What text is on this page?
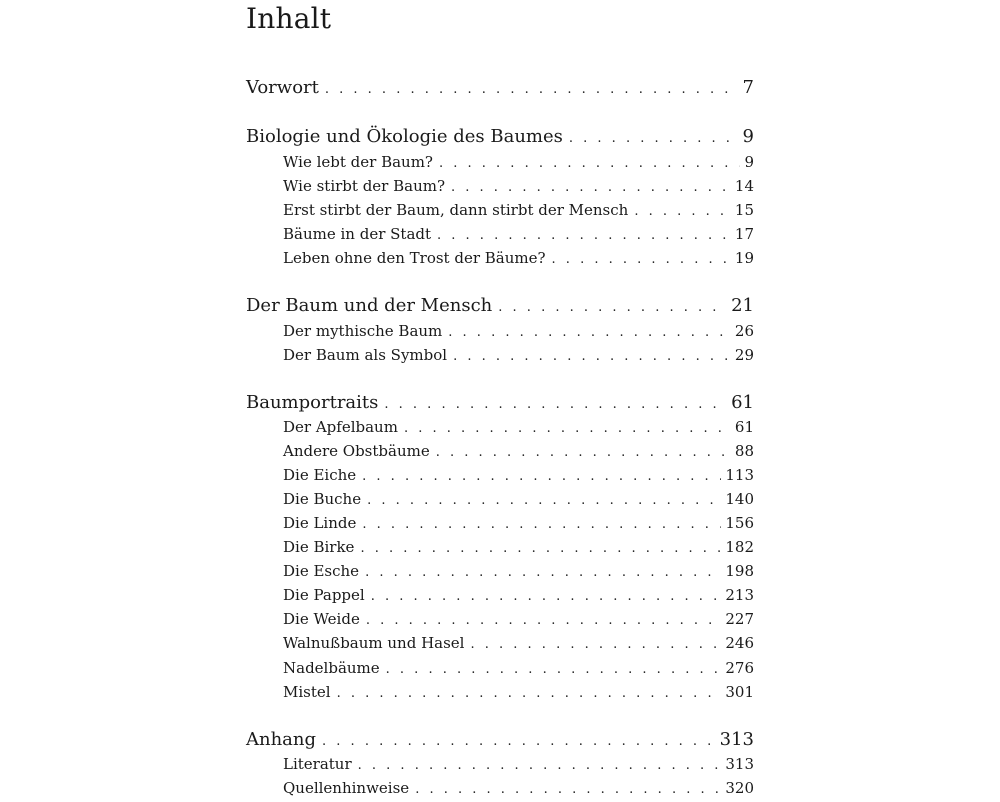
Inhalt
Vorwort . . .	7
Biologie und Ökologie des Baumes . . .	9
Wie lebt der Baum? . . .	9
Wie stirbt der Baum? . . .	14
Erst stirbt der Baum, dann stirbt der Mensch . . .	15
Bäume in der Stadt . . .	17
Leben ohne den Trost der Bäume? . . .	19
Der Baum und der Mensch . . .	21
Der mythische Baum . . .	26
Der Baum als Symbol . . .	29
Baumportraits . . .	61
Der Apfelbaum . . .	61
Andere Obstbäume . . .	88
Die Eiche . . .	113
Die Buche . . .	140
Die Linde . . .	156
Die Birke . . .	182
Die Esche . . .	198
Die Pappel . . .	213
Die Weide . . .	227
Walnußbaum und Hasel . . .	246
Nadelbäume . . .	276
Mistel . . .	301
Anhang . . .	313
Literatur . . .	313
Quellenhinweise . . .	320
